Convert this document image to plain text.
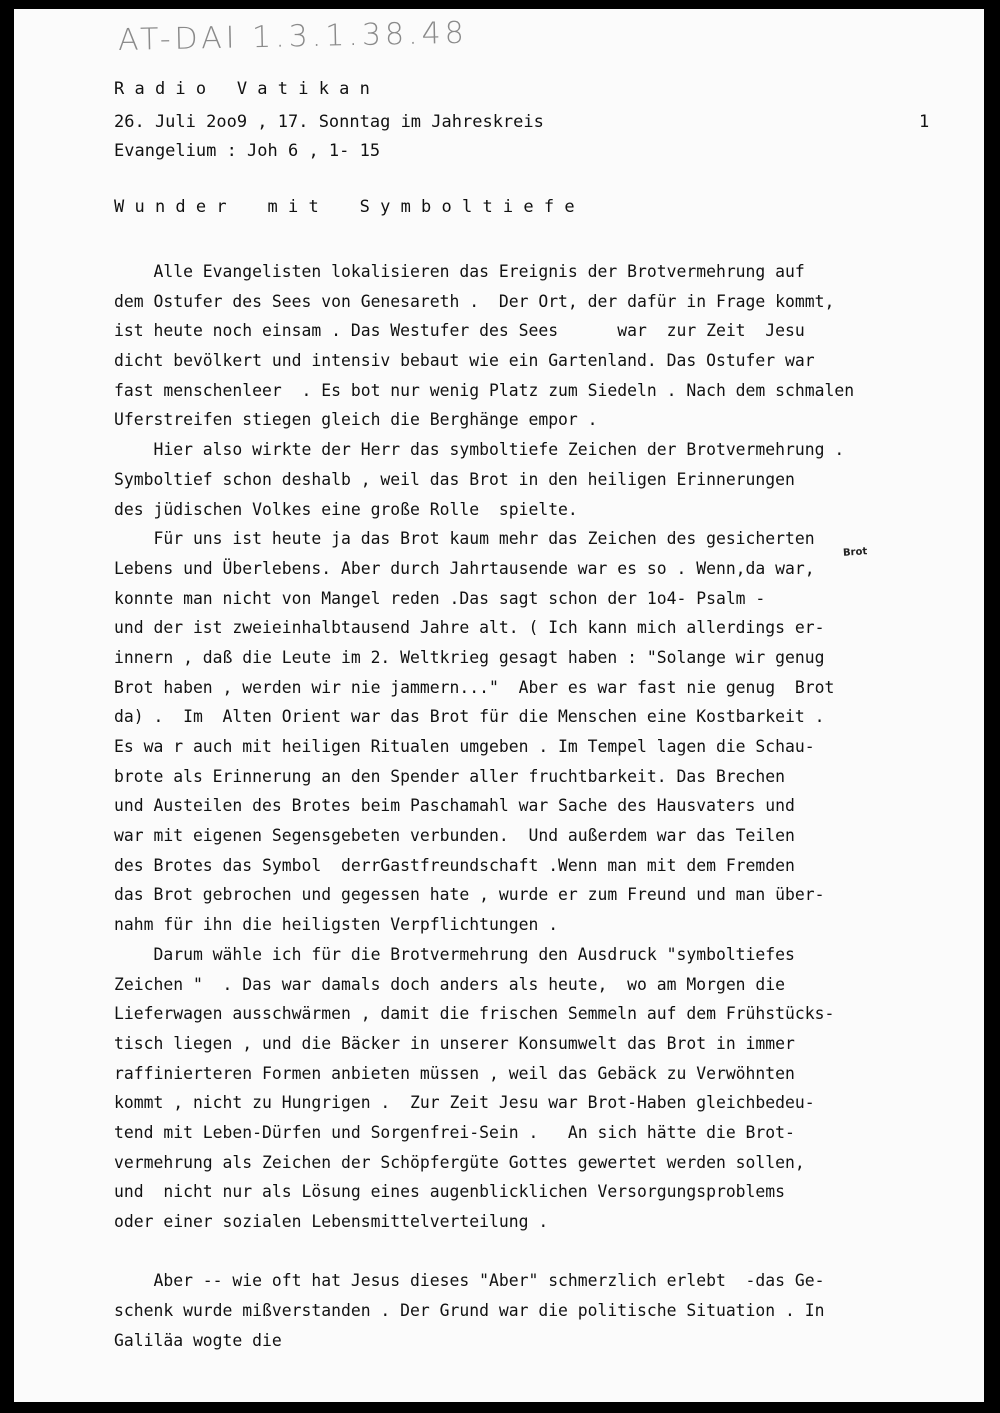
AT-DAI 1.3.1.38.48
R a d i o   V a t i k a n
26. Juli 2oo9 , 17. Sonntag im Jahreskreis
Evangelium : Joh 6 , 1- 15
1
W u n d e r    m i t    S y m b o l t i e f e
Brot
Alle Evangelisten lokalisieren das Ereignis der Brotvermehrung auf
dem Ostufer des Sees von Genesareth .  Der Ort, der dafür in Frage kommt,
ist heute noch einsam . Das Westufer des Sees      war  zur Zeit  Jesu
dicht bevölkert und intensiv bebaut wie ein Gartenland. Das Ostufer war
fast menschenleer  . Es bot nur wenig Platz zum Siedeln . Nach dem schmalen
Uferstreifen stiegen gleich die Berghänge empor .
Hier also wirkte der Herr das symboltiefe Zeichen der Brotvermehrung .
Symboltief schon deshalb , weil das Brot in den heiligen Erinnerungen
des jüdischen Volkes eine große Rolle  spielte.
Für uns ist heute ja das Brot kaum mehr das Zeichen des gesicherten
Lebens und Überlebens. Aber durch Jahrtausende war es so . Wenn,da war,
konnte man nicht von Mangel reden .Das sagt schon der 1o4- Psalm -
und der ist zweieinhalbtausend Jahre alt. ( Ich kann mich allerdings er-
innern , daß die Leute im 2. Weltkrieg gesagt haben : "Solange wir genug
Brot haben , werden wir nie jammern..."  Aber es war fast nie genug  Brot
da) .  Im  Alten Orient war das Brot für die Menschen eine Kostbarkeit .
Es wa r auch mit heiligen Ritualen umgeben . Im Tempel lagen die Schau-
brote als Erinnerung an den Spender aller fruchtbarkeit. Das Brechen
und Austeilen des Brotes beim Paschamahl war Sache des Hausvaters und
war mit eigenen Segensgebeten verbunden.  Und außerdem war das Teilen
des Brotes das Symbol  derrGastfreundschaft .Wenn man mit dem Fremden
das Brot gebrochen und gegessen hate , wurde er zum Freund und man über-
nahm für ihn die heiligsten Verpflichtungen .
Darum wähle ich für die Brotvermehrung den Ausdruck "symboltiefes
Zeichen "  . Das war damals doch anders als heute,  wo am Morgen die
Lieferwagen ausschwärmen , damit die frischen Semmeln auf dem Frühstücks-
tisch liegen , und die Bäcker in unserer Konsumwelt das Brot in immer
raffinierteren Formen anbieten müssen , weil das Gebäck zu Verwöhnten
kommt , nicht zu Hungrigen .  Zur Zeit Jesu war Brot-Haben gleichbedeu-
tend mit Leben-Dürfen und Sorgenfrei-Sein .   An sich hätte die Brot-
vermehrung als Zeichen der Schöpfergüte Gottes gewertet werden sollen,
und  nicht nur als Lösung eines augenblicklichen Versorgungsproblems
oder einer sozialen Lebensmittelverteilung .
Aber -- wie oft hat Jesus dieses "Aber" schmerzlich erlebt  -das Ge-
schenk wurde mißverstanden . Der Grund war die politische Situation . In
Galiläa wogte die
